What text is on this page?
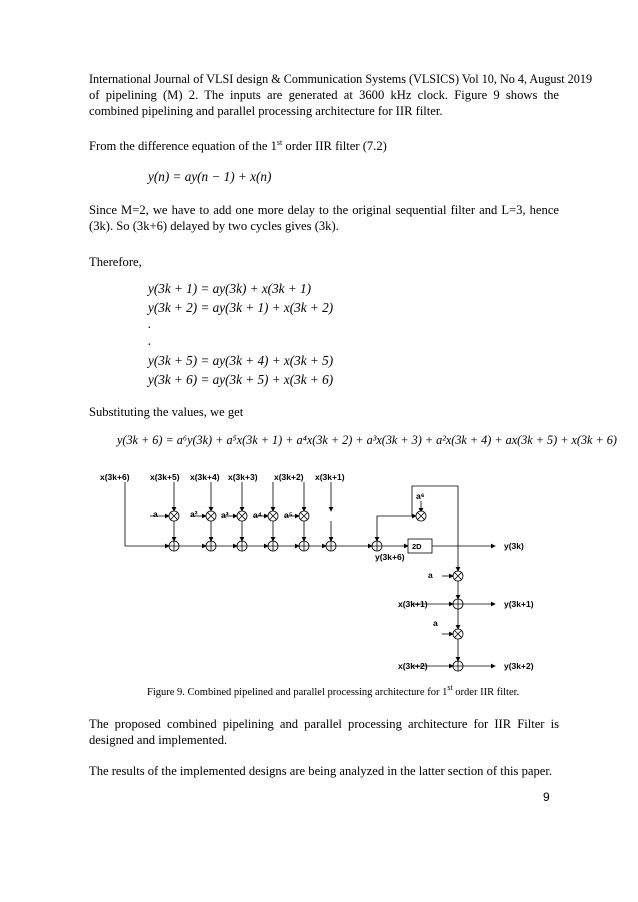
International Journal of VLSI design & Communication Systems (VLSICS) Vol 10, No 4, August 2019
of pipelining (M) 2. The inputs are generated at 3600 kHz clock. Figure 9 shows the combined pipelining and parallel processing architecture for IIR filter.
From the difference equation of the 1st order IIR filter (7.2)
y(n) = ay(n − 1) + x(n)
Since M=2, we have to add one more delay to the original sequential filter and L=3, hence (3k). So (3k+6) delayed by two cycles gives (3k).
Therefore,
y(3k + 1) = ay(3k) + x(3k + 1)
y(3k + 2) = ay(3k + 1) + x(3k + 2)
.
.
y(3k + 5) = ay(3k + 4) + x(3k + 5)
y(3k + 6) = ay(3k + 5) + x(3k + 6)
Substituting the values, we get
y(3k + 6) = a⁶y(3k) + a⁵x(3k + 1) + a⁴x(3k + 2) + a³x(3k + 3) + a²x(3k + 4) + ax(3k + 5) + x(3k + 6)
x(3k+6) x(3k+5) x(3k+4) x(3k+3) x(3k+2) x(3k+1)
a	a²	a³	a⁴	a⁵
a⁶
2D
y(3k+6)
y(3k)
a
x(3k+1)	y(3k+1)
a
x(3k+2)	y(3k+2)
Figure 9. Combined pipelined and parallel processing architecture for 1st order IIR filter.
The proposed combined pipelining and parallel processing architecture for IIR Filter is designed and implemented.
The results of the implemented designs are being analyzed in the latter section of this paper.
9
